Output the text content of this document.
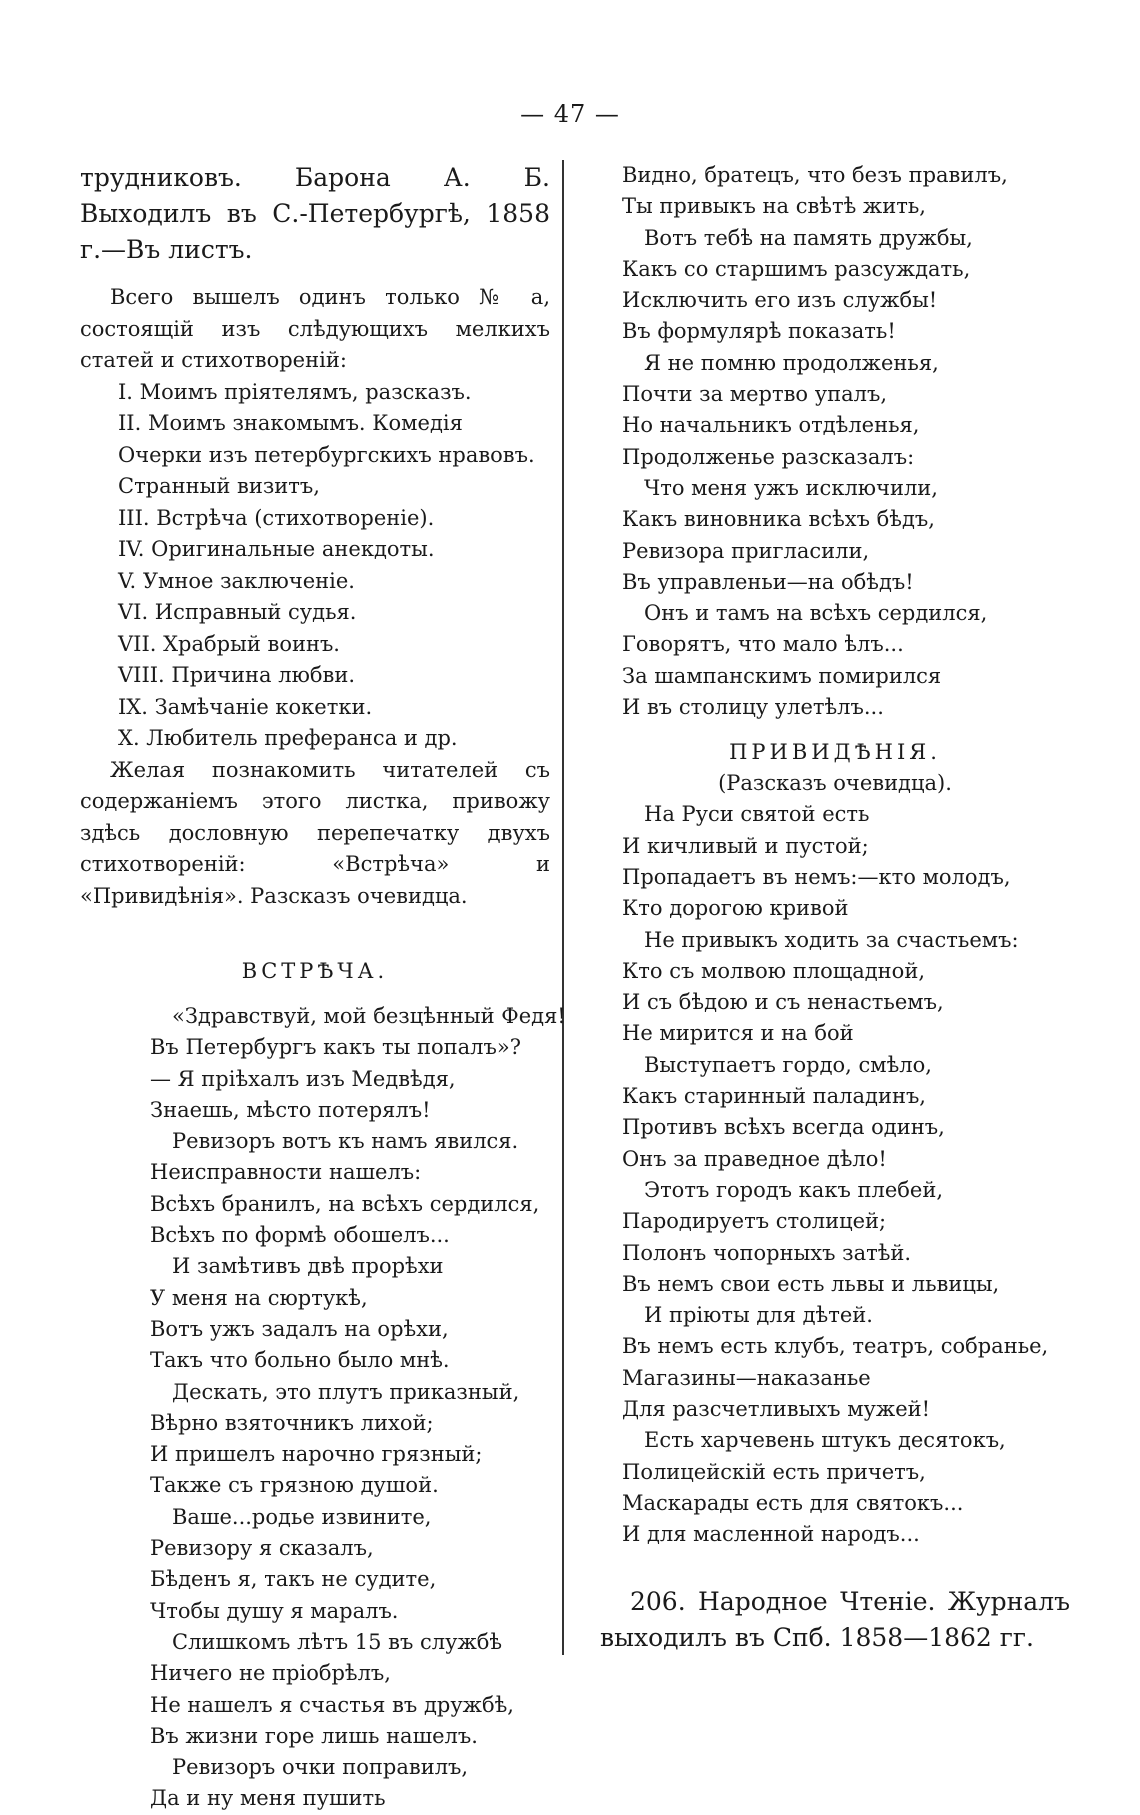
— 47 —

трудниковъ. Барона А. Б. Выходилъ въ С.-Петербургѣ, 1858 г.—Въ листъ.

Всего вышелъ одинъ только № а, состоящій изъ слѣдующихъ мелкихъ статей и стихотвореній:

I. Моимъ пріятелямъ, разсказъ.

II. Моимъ знакомымъ. Комедія Очерки изъ петербургскихъ нравовъ. Странный визитъ,

III. Встрѣча (стихотвореніе).

IV. Оригинальные анекдоты.

V. Умное заключеніе.

VI. Исправный судья.

VII. Храбрый воинъ.

VIII. Причина любви.

IX. Замѣчаніе кокетки.

X. Любитель преферанса и др.

Желая познакомить читателей съ содержаніемъ этого листка, привожу здѣсь дословную перепечатку двухъ стихотвореній: «Встрѣча» и «Привидѣнія». Разсказъ очевидца.

ВСТРѢЧА.

«Здравствуй, мой безцѣнный Федя!

Въ Петербургъ какъ ты попалъ»?

— Я пріѣхалъ изъ Медвѣдя,

Знаешь, мѣсто потерялъ!

Ревизоръ вотъ къ намъ явился.

Неисправности нашелъ:

Всѣхъ бранилъ, на всѣхъ сердился,

Всѣхъ по формѣ обошелъ...

И замѣтивъ двѣ прорѣхи

У меня на сюртукѣ,

Вотъ ужъ задалъ на орѣхи,

Такъ что больно было мнѣ.

Дескать, это плутъ приказный,

Вѣрно взяточникъ лихой;

И пришелъ нарочно грязный;

Также съ грязною душой.

Ваше...родье извините,

Ревизору я сказалъ,

Бѣденъ я, такъ не судите,

Чтобы душу я маралъ.

Слишкомъ лѣтъ 15 въ службѣ

Ничего не пріобрѣлъ,

Не нашелъ я счастья въ дружбѣ,

Въ жизни горе лишь нашелъ.

Ревизоръ очки поправилъ,

Да и ну меня пушить

Видно, братецъ, что безъ правилъ,

Ты привыкъ на свѣтѣ жить,

Вотъ тебѣ на память дружбы,

Какъ со старшимъ разсуждать,

Исключить его изъ службы!

Въ формулярѣ показать!

Я не помню продолженья,

Почти за мертво упалъ,

Но начальникъ отдѣленья,

Продолженье разсказалъ:

Что меня ужъ исключили,

Какъ виновника всѣхъ бѣдъ,

Ревизора пригласили,

Въ управленьи—на обѣдъ!

Онъ и тамъ на всѣхъ сердился,

Говорятъ, что мало ѣлъ...

За шампанскимъ помирился

И въ столицу улетѣлъ...

ПРИВИДѢНІЯ.

(Разсказъ очевидца).

На Руси святой есть

И кичливый и пустой;

Пропадаетъ въ немъ:—кто молодъ,

Кто дорогою кривой

Не привыкъ ходить за счастьемъ:

Кто съ молвою площадной,

И съ бѣдою и съ ненастьемъ,

Не мирится и на бой

Выступаетъ гордо, смѣло,

Какъ старинный паладинъ,

Противъ всѣхъ всегда одинъ,

Онъ за праведное дѣло!

Этотъ городъ какъ плебей,

Пародируетъ столицей;

Полонъ чопорныхъ затѣй.

Въ немъ свои есть львы и львицы,

И пріюты для дѣтей.

Въ немъ есть клубъ, театръ, собранье,

Магазины—наказанье

Для разсчетливыхъ мужей!

Есть харчевень штукъ десятокъ,

Полицейскій есть причетъ,

Маскарады есть для святокъ...

И для масленной народъ...

206. Народное Чтеніе. Журналъ выходилъ въ Спб. 1858—1862 гг.
